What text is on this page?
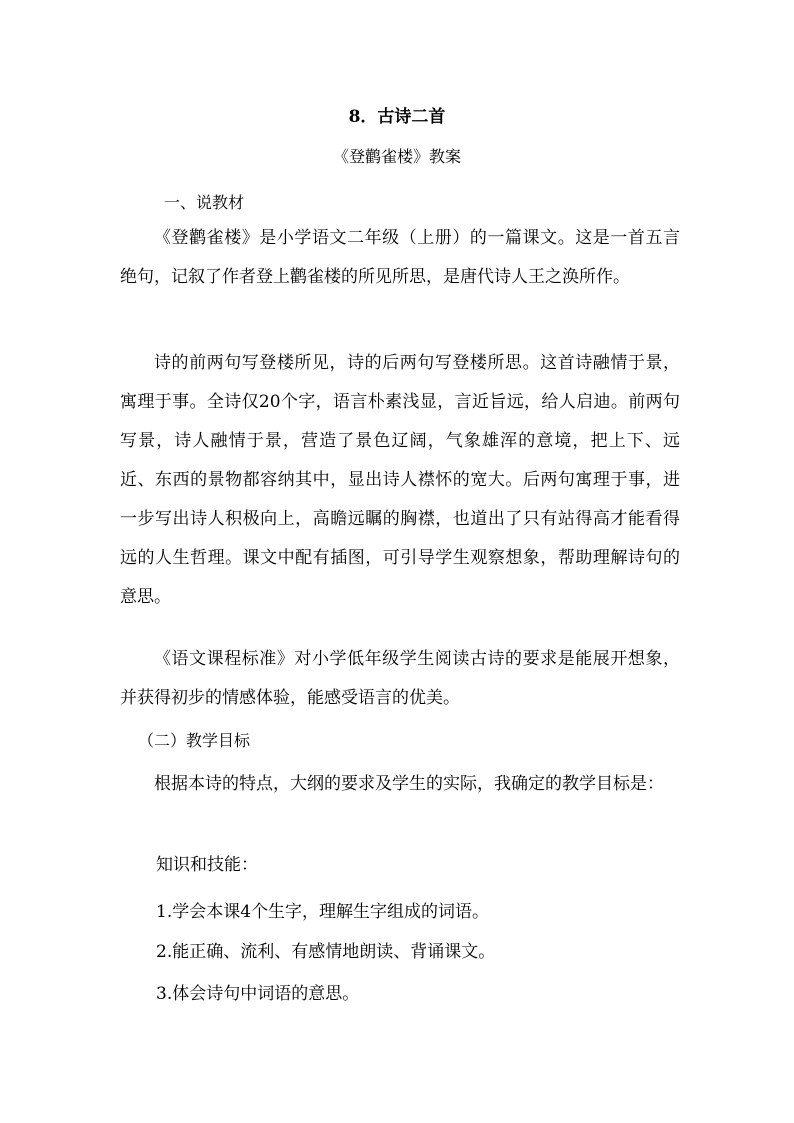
8．古诗二首
《登鹳雀楼》教案
一、说教材

《登鹳雀楼》是小学语文二年级（上册）的一篇课文。这是一首五言绝句，记叙了作者登上鹳雀楼的所见所思，是唐代诗人王之涣所作。

诗的前两句写登楼所见，诗的后两句写登楼所思。这首诗融情于景，寓理于事。全诗仅20个字，语言朴素浅显，言近旨远，给人启迪。前两句写景，诗人融情于景，营造了景色辽阔，气象雄浑的意境，把上下、远近、东西的景物都容纳其中，显出诗人襟怀的宽大。后两句寓理于事，进一步写出诗人积极向上，高瞻远瞩的胸襟，也道出了只有站得高才能看得远的人生哲理。课文中配有插图，可引导学生观察想象，帮助理解诗句的意思。

《语文课程标准》对小学低年级学生阅读古诗的要求是能展开想象，并获得初步的情感体验，能感受语言的优美。

（二）教学目标

根据本诗的特点，大纲的要求及学生的实际，我确定的教学目标是：

知识和技能：
1.学会本课4个生字，理解生字组成的词语。
2.能正确、流利、有感情地朗读、背诵课文。
3.体会诗句中词语的意思。
